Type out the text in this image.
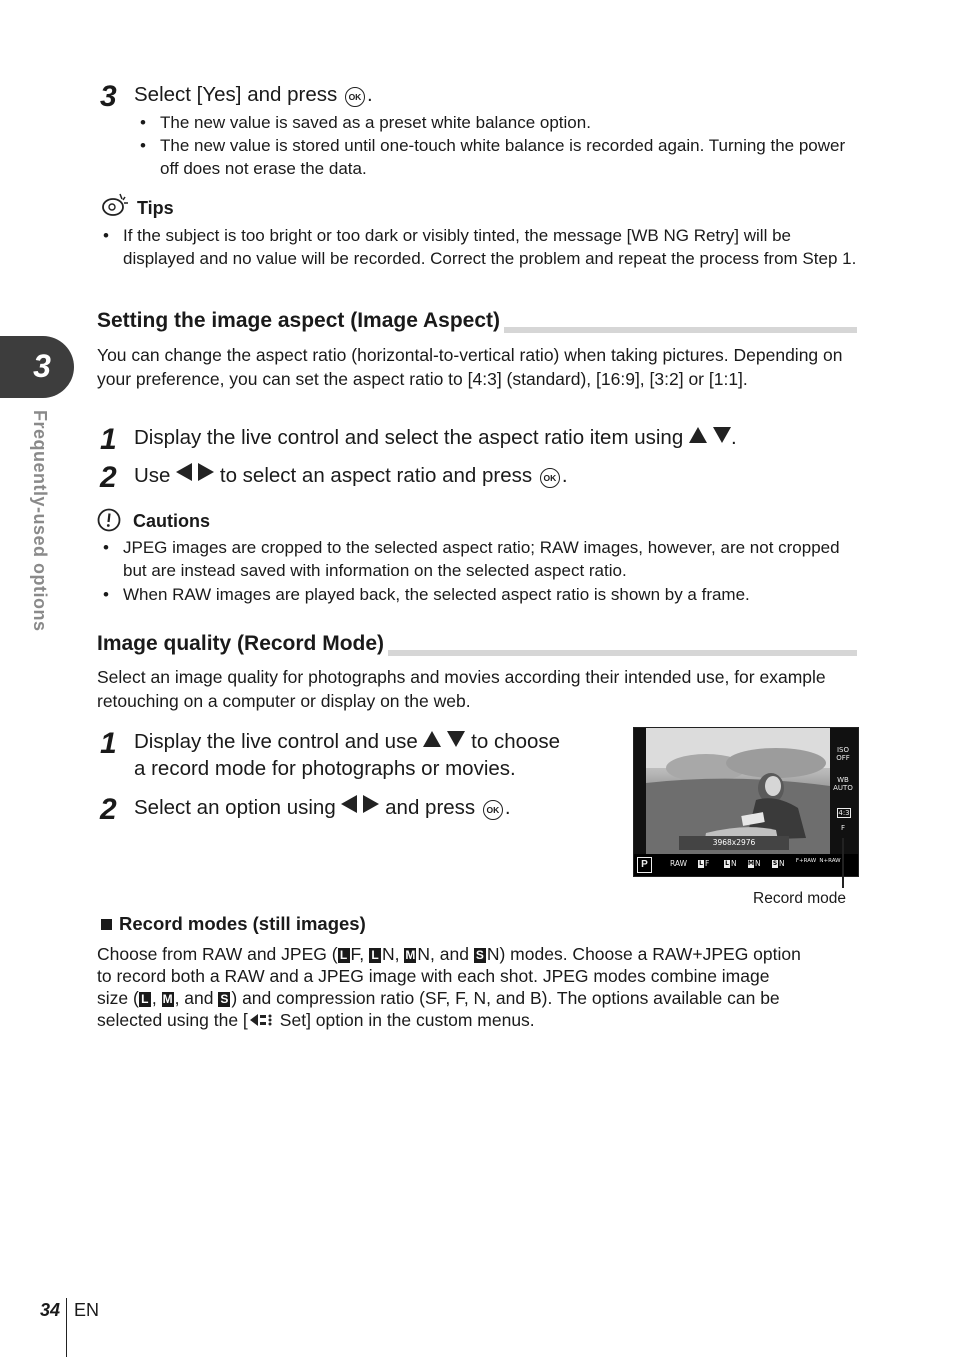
3
Frequently-used options
3 Select [Yes] and press OK .
• The new value is saved as a preset white balance option.
• The new value is stored until one-touch white balance is recorded again. Turning the power off does not erase the data.
Tips
• If the subject is too bright or too dark or visibly tinted, the message [WB NG Retry] will be displayed and no value will be recorded. Correct the problem and repeat the process from Step 1.
Setting the image aspect (Image Aspect)
You can change the aspect ratio (horizontal-to-vertical ratio) when taking pictures. Depending on your preference, you can set the aspect ratio to [4:3] (standard), [16:9], [3:2] or [1:1].
1 Display the live control and select the aspect ratio item using .
2 Use to select an aspect ratio and press OK .
Cautions
• JPEG images are cropped to the selected aspect ratio; RAW images, however, are not cropped but are instead saved with information on the selected aspect ratio.
• When RAW images are played back, the selected aspect ratio is shown by a frame.
Image quality (Record Mode)
Select an image quality for photographs and movies according their intended use, for example retouching on a computer or display on the web.
1 Display the live control and use	to choose
a record mode for photographs or movies.
2 Select an option using and press OK .
3968x2976
P	RAW L F	L N MN S N	F+RAW N+RAW
ISO OFF
WB AUTO
4:3
F
Record mode
Record modes (still images)
Choose from RAW and JPEG ( L F, L N, M N, and S N) modes. Choose a RAW+JPEG option
to record both a RAW and a JPEG image with each shot. JPEG modes combine image
size ( L , M , and S ) and compression ratio (SF, F, N, and B). The options available can be
selected using the [ Set] option in the custom menus.
34 EN
